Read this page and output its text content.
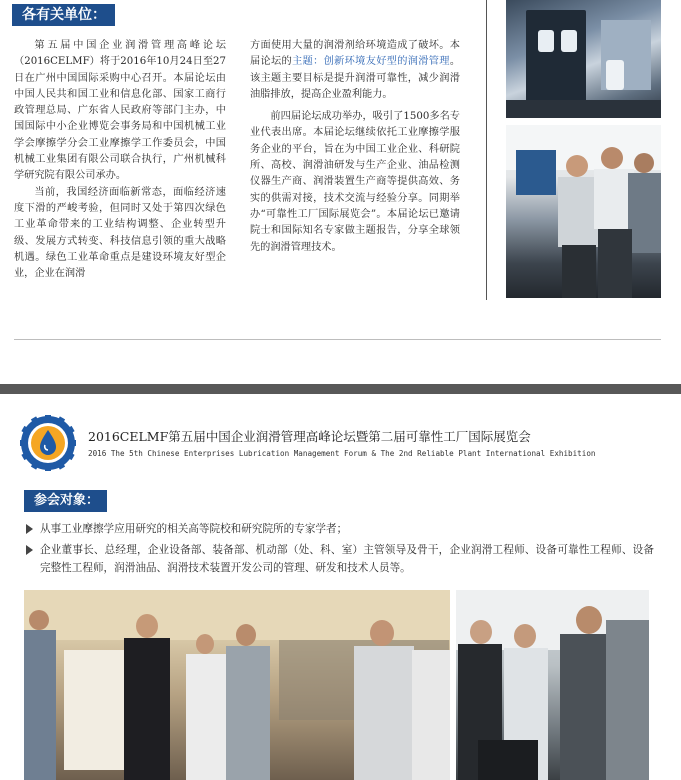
各有关单位：

第五届中国企业润滑管理高峰论坛（2016CELMF）将于2016年10月24日至27日在广州中国国际采购中心召开。本届论坛由中国人民共和国工业和信息化部、国家工商行政管理总局、广东省人民政府等部门主办，中国国际中小企业博览会事务局和中国机械工业学会摩擦学分会工业摩擦学工作委员会，中国机械工业集团有限公司联合执行，广州机械科学研究院有限公司承办。

当前，我国经济面临新常态，面临经济速度下滑的严峻考验，但同时又处于第四次绿色工业革命带来的工业结构调整、企业转型升级、发展方式转变、科技信息引领的重大战略机遇。绿色工业革命重点是建设环境友好型企业，企业在润滑

方面使用大量的润滑剂给环境造成了破坏。本届论坛的主题：创新环境友好型的润滑管理。该主题主要目标是提升润滑可靠性，减少润滑油脂排放，提高企业盈利能力。

前四届论坛成功举办，吸引了1500多名专业代表出席。本届论坛继续依托工业摩擦学服务企业的平台，旨在为中国工业企业、科研院所、高校、润滑油研发与生产企业、油品检测仪器生产商、润滑装置生产商等提供高效、务实的供需对接，技术交流与经验分享。同期举办“可靠性工厂国际展览会”。本届论坛已邀请院士和国际知名专家做主题报告，分享全球领先的润滑管理技术。

2016CELMF第五届中国企业润滑管理高峰论坛暨第二届可靠性工厂国际展览会
2016 The 5th Chinese Enterprises Lubrication Management Forum & The 2nd Reliable Plant International Exhibition
参会对象：
从事工业摩擦学应用研究的相关高等院校和研究院所的专家学者；
企业董事长、总经理，企业设备部、装备部、机动部（处、科、室）主管领导及骨干，企业润滑工程师、设备可靠性工程师、设备完整性工程师，润滑油品、润滑技术装置开发公司的管理、研发和技术人员等。
